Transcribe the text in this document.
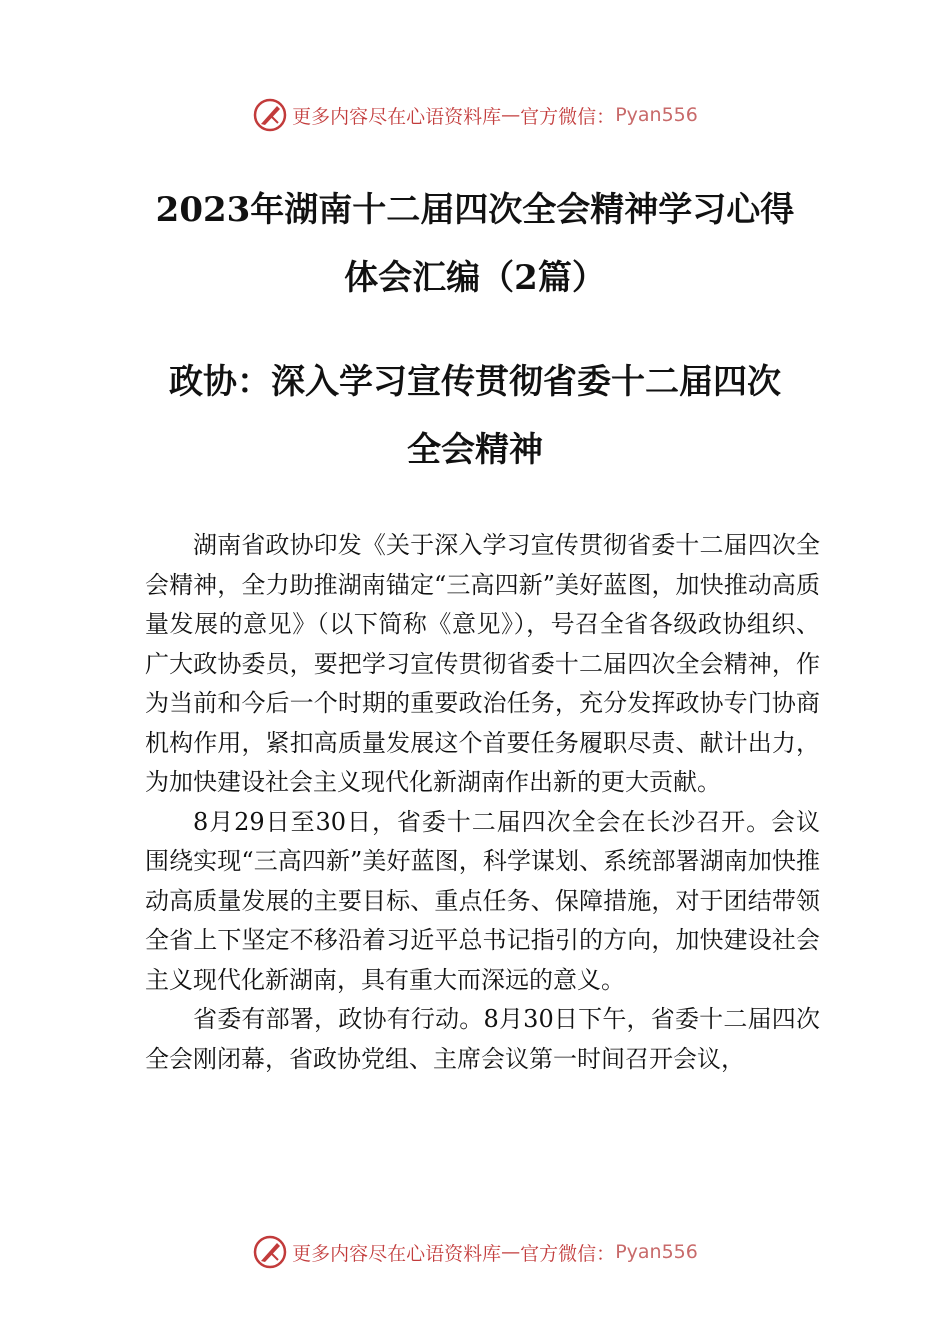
更多内容尽在心语资料库 — 官方微信： Pyan556
2023年湖南十二届四次全会精神学习心得
体会汇编（2篇）
政协：深入学习宣传贯彻省委十二届四次
全会精神

湖南省政协印发《关于深入学习宣传贯彻省委十二届四次全会精神，全力助推湖南锚定“三高四新”美好蓝图，加快推动高质量发展的意见》（以下简称《意见》），号召全省各级政协组织、广大政协委员，要把学习宣传贯彻省委十二届四次全会精神，作为当前和今后一个时期的重要政治任务，充分发挥政协专门协商机构作用，紧扣高质量发展这个首要任务履职尽责、献计出力，为加快建设社会主义现代化新湖南作出新的更大贡献。

8月29日至30日，省委十二届四次全会在长沙召开。会议围绕实现“三高四新”美好蓝图，科学谋划、系统部署湖南加快推动高质量发展的主要目标、重点任务、保障措施，对于团结带领全省上下坚定不移沿着习近平总书记指引的方向，加快建设社会主义现代化新湖南，具有重大而深远的意义。

省委有部署，政协有行动。8月30日下午，省委十二届四次全会刚闭幕，省政协党组、主席会议第一时间召开会议，

更多内容尽在心语资料库 — 官方微信： Pyan556
